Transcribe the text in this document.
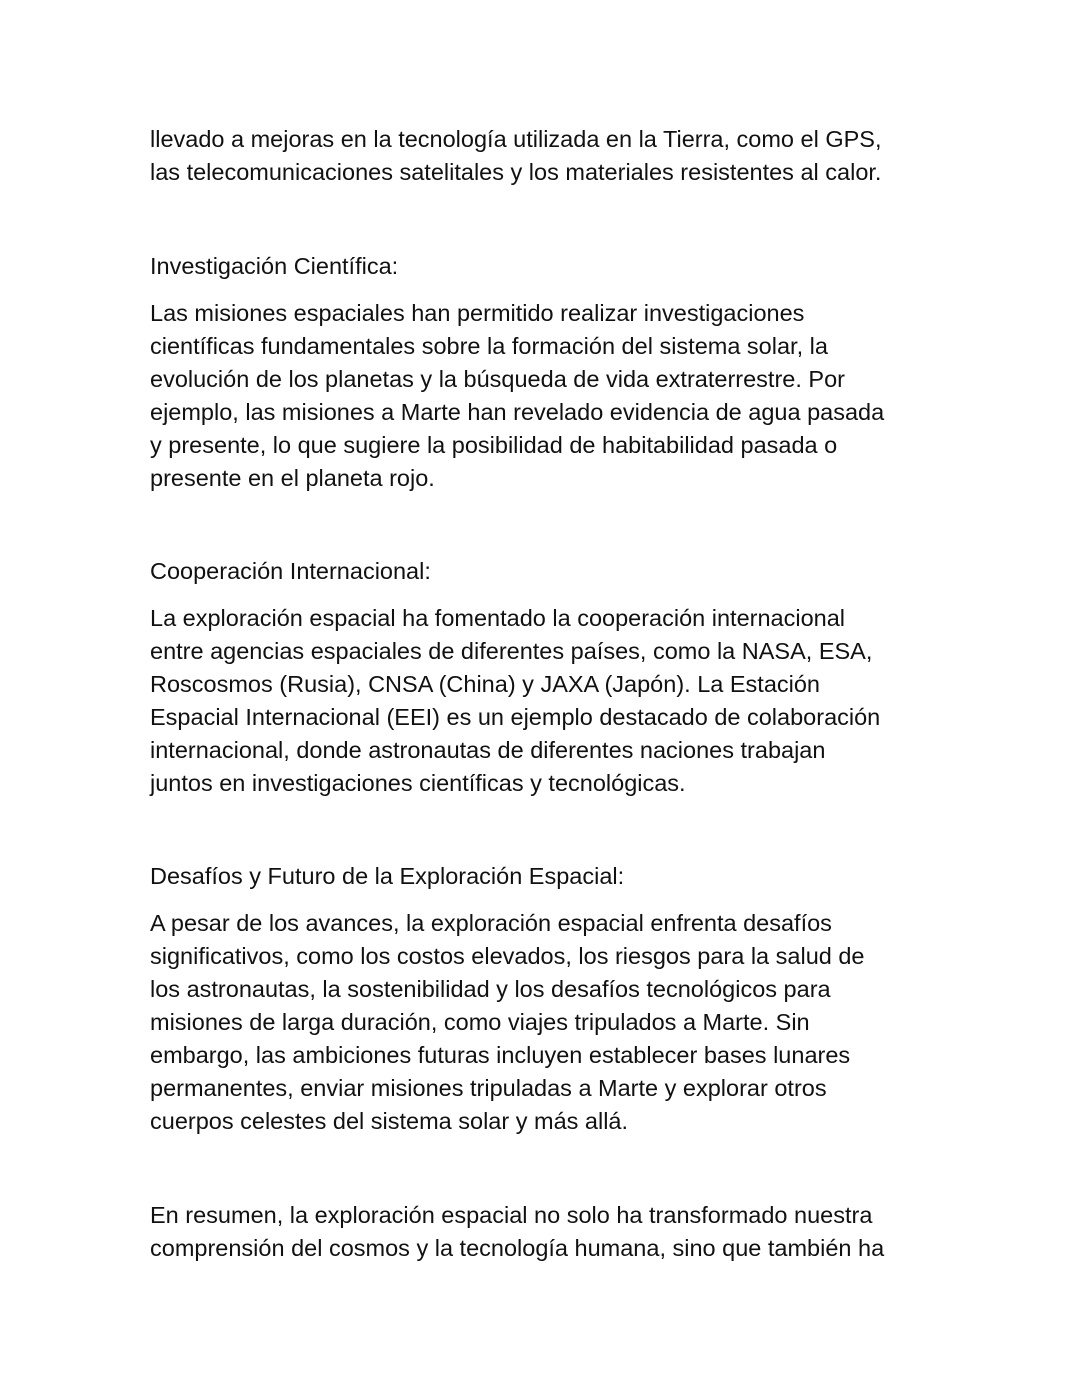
llevado a mejoras en la tecnología utilizada en la Tierra, como el GPS,
las telecomunicaciones satelitales y los materiales resistentes al calor.

Investigación Científica:

Las misiones espaciales han permitido realizar investigaciones
científicas fundamentales sobre la formación del sistema solar, la
evolución de los planetas y la búsqueda de vida extraterrestre. Por
ejemplo, las misiones a Marte han revelado evidencia de agua pasada
y presente, lo que sugiere la posibilidad de habitabilidad pasada o
presente en el planeta rojo.

Cooperación Internacional:

La exploración espacial ha fomentado la cooperación internacional
entre agencias espaciales de diferentes países, como la NASA, ESA,
Roscosmos (Rusia), CNSA (China) y JAXA (Japón). La Estación
Espacial Internacional (EEI) es un ejemplo destacado de colaboración
internacional, donde astronautas de diferentes naciones trabajan
juntos en investigaciones científicas y tecnológicas.

Desafíos y Futuro de la Exploración Espacial:

A pesar de los avances, la exploración espacial enfrenta desafíos
significativos, como los costos elevados, los riesgos para la salud de
los astronautas, la sostenibilidad y los desafíos tecnológicos para
misiones de larga duración, como viajes tripulados a Marte. Sin
embargo, las ambiciones futuras incluyen establecer bases lunares
permanentes, enviar misiones tripuladas a Marte y explorar otros
cuerpos celestes del sistema solar y más allá.

En resumen, la exploración espacial no solo ha transformado nuestra
comprensión del cosmos y la tecnología humana, sino que también ha
